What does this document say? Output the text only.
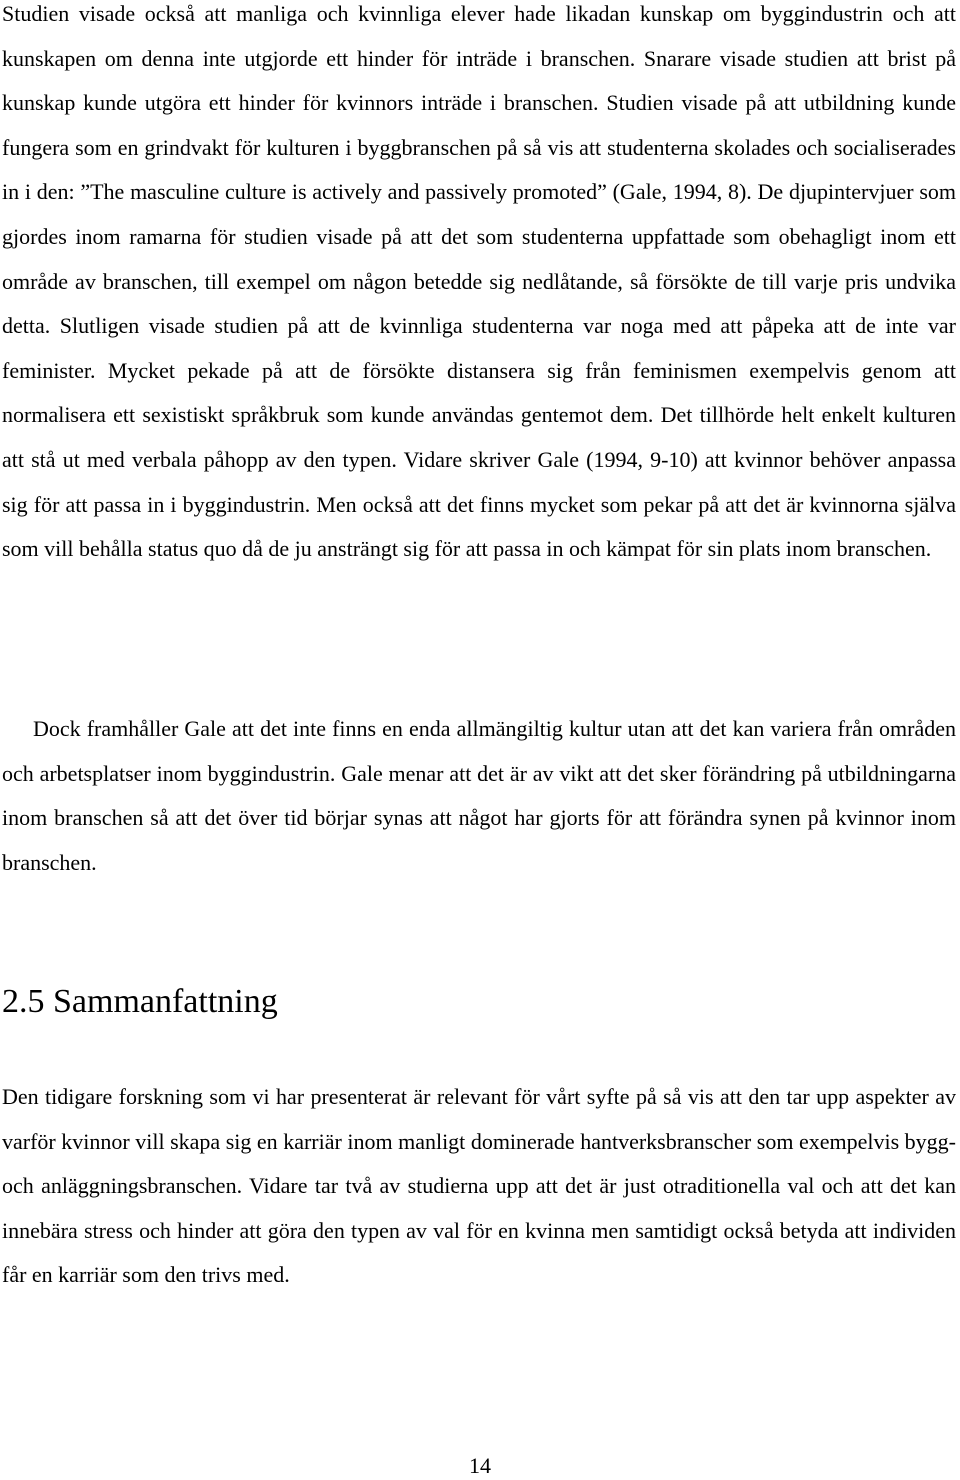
Studien visade också att manliga och kvinnliga elever hade likadan kunskap om byggindustrin och att kunskapen om denna inte utgjorde ett hinder för inträde i branschen. Snarare visade studien att brist på kunskap kunde utgöra ett hinder för kvinnors inträde i branschen. Studien visade på att utbildning kunde fungera som en grindvakt för kulturen i byggbranschen på så vis att studenterna skolades och socialiserades in i den: ”The masculine culture is actively and passively promoted” (Gale, 1994, 8). De djupintervjuer som gjordes inom ramarna för studien visade på att det som studenterna uppfattade som obehagligt inom ett område av branschen, till exempel om någon betedde sig nedlåtande, så försökte de till varje pris undvika detta. Slutligen visade studien på att de kvinnliga studenterna var noga med att påpeka att de inte var feminister. Mycket pekade på att de försökte distansera sig från feminismen exempelvis genom att normalisera ett sexistiskt språkbruk som kunde användas gentemot dem. Det tillhörde helt enkelt kulturen att stå ut med verbala påhopp av den typen. Vidare skriver Gale (1994, 9-10) att kvinnor behöver anpassa sig för att passa in i byggindustrin. Men också att det finns mycket som pekar på att det är kvinnorna själva som vill behålla status quo då de ju ansträngt sig för att passa in och kämpat för sin plats inom branschen.

Dock framhåller Gale att det inte finns en enda allmängiltig kultur utan att det kan variera från områden och arbetsplatser inom byggindustrin. Gale menar att det är av vikt att det sker förändring på utbildningarna inom branschen så att det över tid börjar synas att något har gjorts för att förändra synen på kvinnor inom branschen.

2.5 Sammanfattning

Den tidigare forskning som vi har presenterat är relevant för vårt syfte på så vis att den tar upp aspekter av varför kvinnor vill skapa sig en karriär inom manligt dominerade hantverksbranscher som exempelvis bygg- och anläggningsbranschen. Vidare tar två av studierna upp att det är just otraditionella val och att det kan innebära stress och hinder att göra den typen av val för en kvinna men samtidigt också betyda att individen får en karriär som den trivs med.

14
